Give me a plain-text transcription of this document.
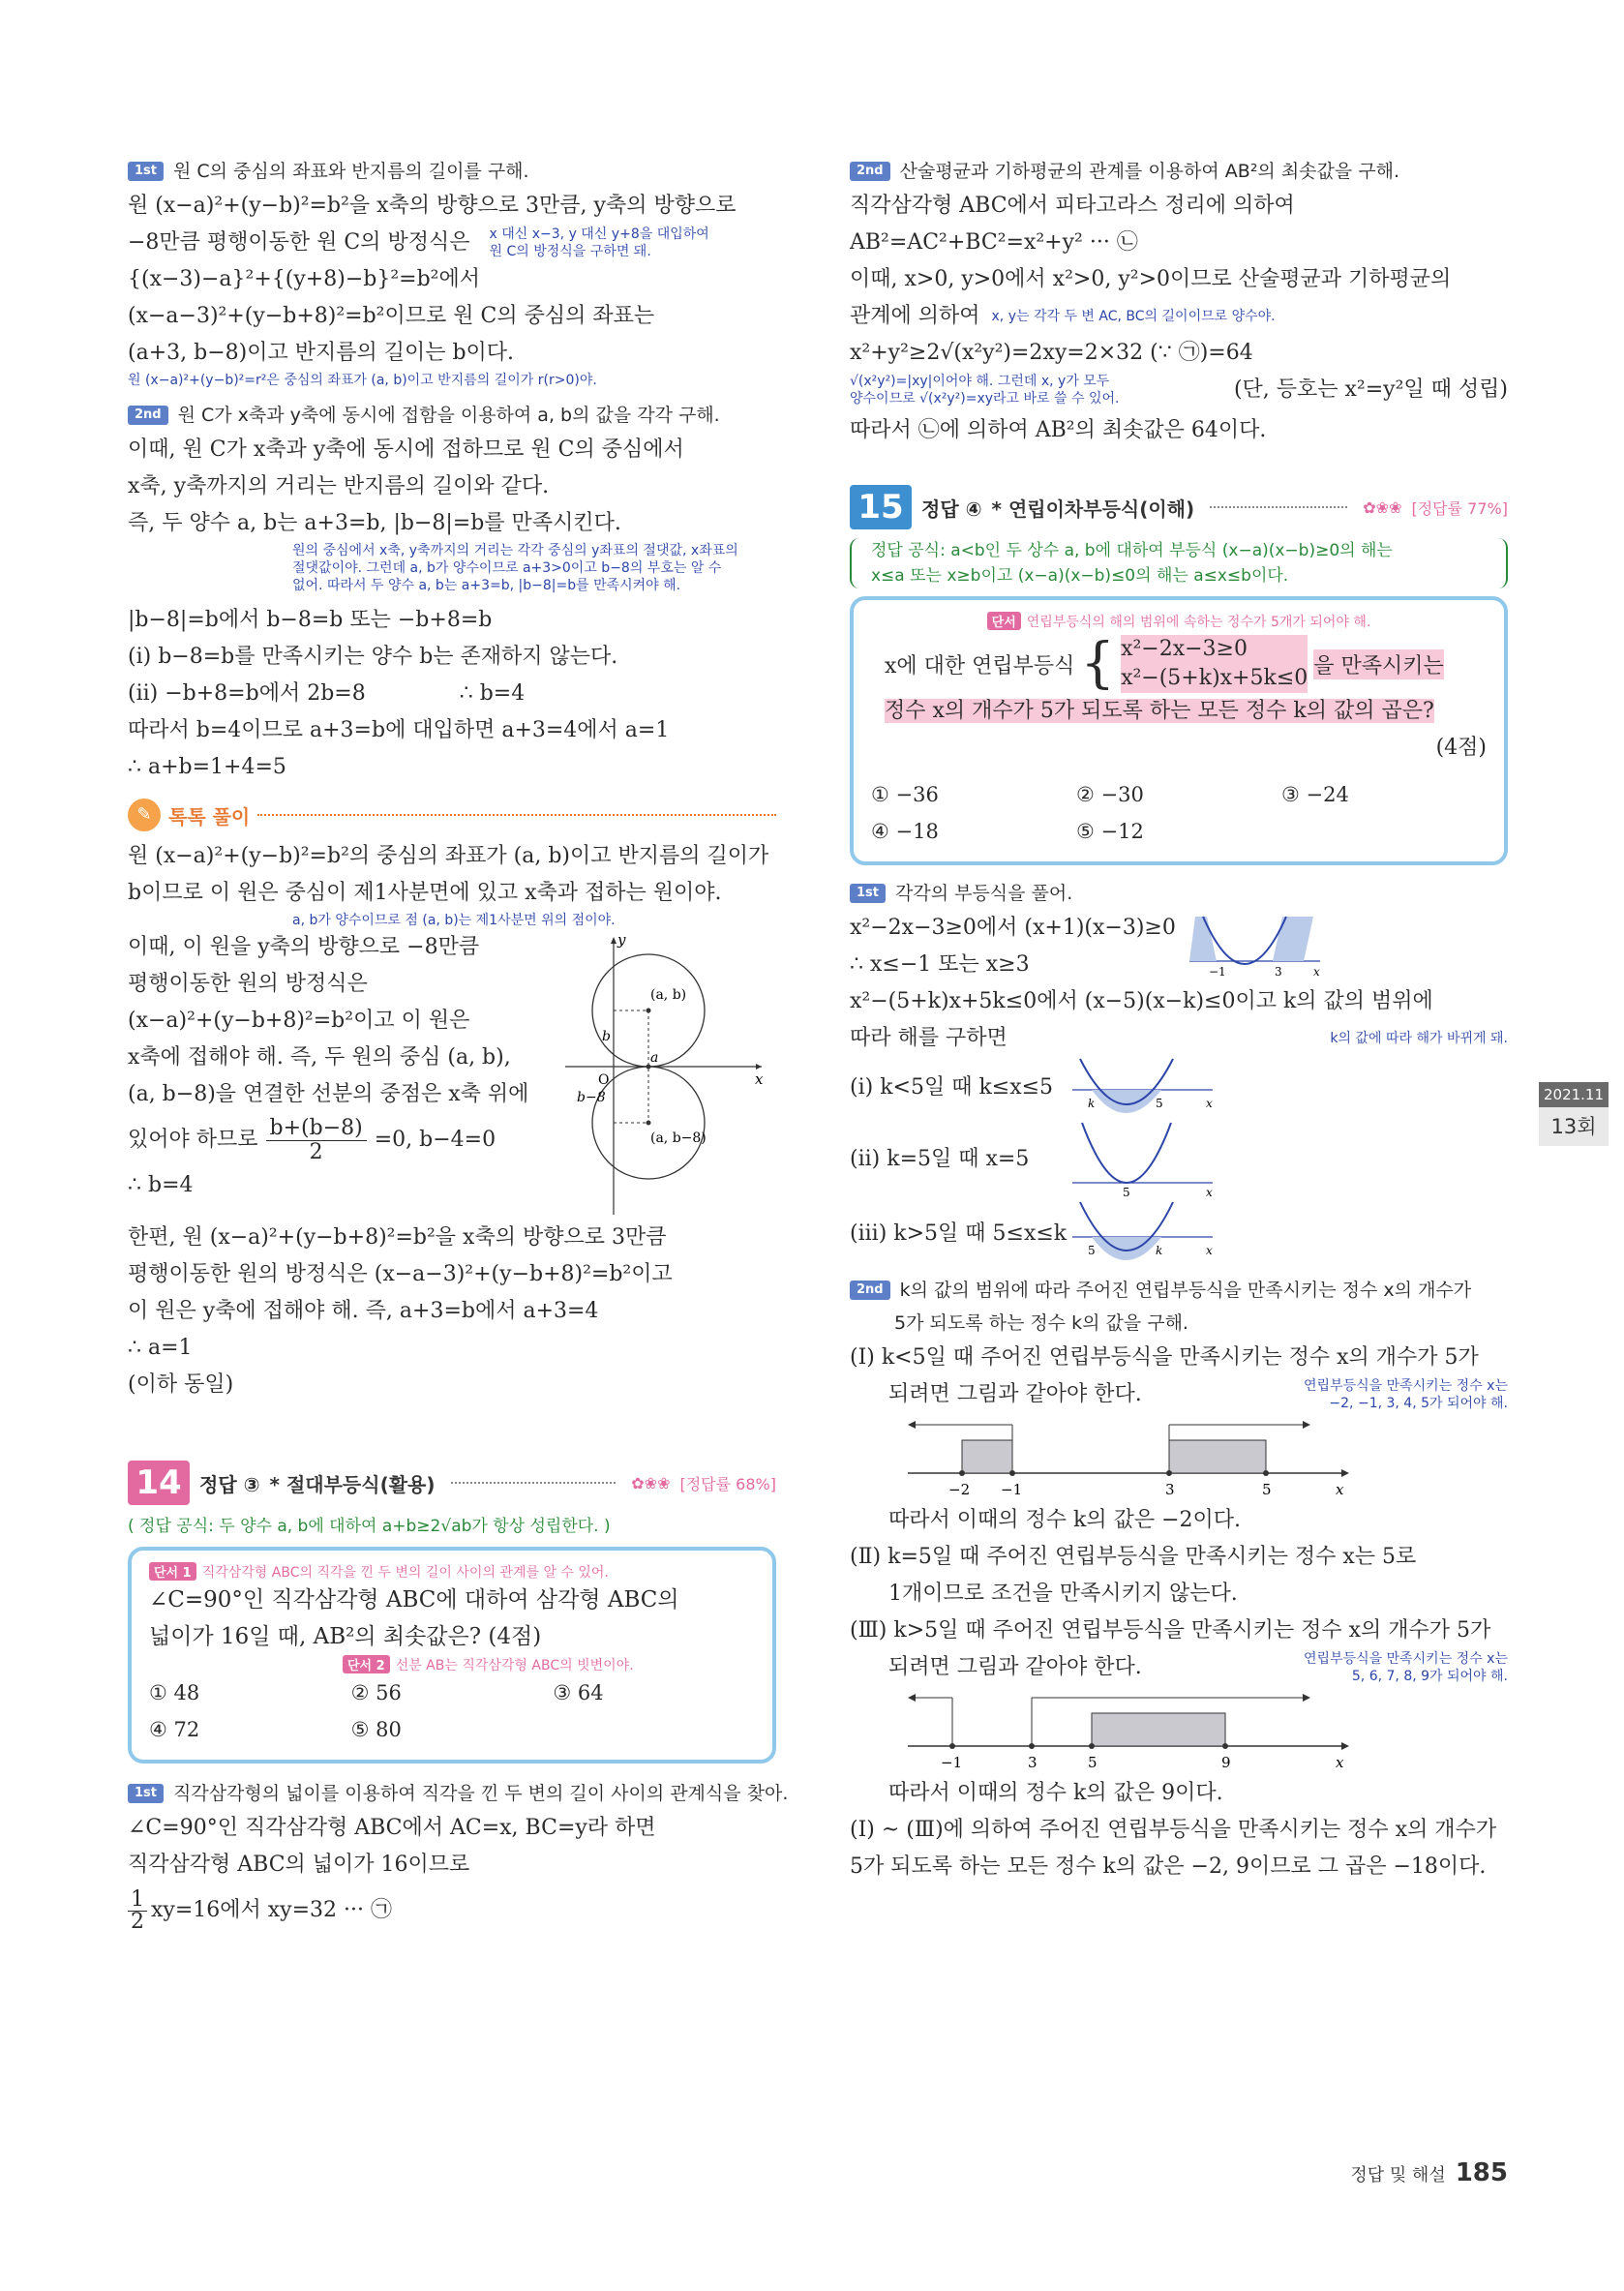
1st 원 C의 중심의 좌표와 반지름의 길이를 구해.
원 (x−a)²+(y−b)²=b²을 x축의 방향으로 3만큼, y축의 방향으로
−8만큼 평행이동한 원 C의 방정식은 x 대신 x−3, y 대신 y+8을 대입하여
원 C의 방정식을 구하면 돼.
{(x−3)−a}²+{(y+8)−b}²=b²에서
(x−a−3)²+(y−b+8)²=b²이므로 원 C의 중심의 좌표는
(a+3, b−8)이고 반지름의 길이는 b이다.
원 (x−a)²+(y−b)²=r²은 중심의 좌표가 (a, b)이고 반지름의 길이가 r(r>0)야.
2nd 원 C가 x축과 y축에 동시에 접함을 이용하여 a, b의 값을 각각 구해.
이때, 원 C가 x축과 y축에 동시에 접하므로 원 C의 중심에서
x축, y축까지의 거리는 반지름의 길이와 같다.
즉, 두 양수 a, b는 a+3=b, |b−8|=b를 만족시킨다.
원의 중심에서 x축, y축까지의 거리는 각각 중심의 y좌표의 절댓값, x좌표의
절댓값이야. 그런데 a, b가 양수이므로 a+3>0이고 b−8의 부호는 알 수
없어. 따라서 두 양수 a, b는 a+3=b, |b−8|=b를 만족시켜야 해.
|b−8|=b에서 b−8=b 또는 −b+8=b
(i) b−8=b를 만족시키는 양수 b는 존재하지 않는다.
(ii) −b+8=b에서 2b=8	∴ b=4
따라서 b=4이므로 a+3=b에 대입하면 a+3=4에서 a=1
∴ a+b=1+4=5
✎ 톡톡 풀이
원 (x−a)²+(y−b)²=b²의 중심의 좌표가 (a, b)이고 반지름의 길이가
b이므로 이 원은 중심이 제1사분면에 있고 x축과 접하는 원이야.
a, b가 양수이므로 점 (a, b)는 제1사분면 위의 점이야.
이때, 이 원을 y축의 방향으로 −8만큼
평행이동한 원의 방정식은
(x−a)²+(y−b+8)²=b²이고 이 원은
x축에 접해야 해. 즉, 두 원의 중심 (a, b),
(a, b−8)을 연결한 선분의 중점은 x축 위에
있어야 하므로 $\frac{b+(b-8)}{2} =0$, b−4=0
∴ b=4
y
x
O
(a, b)
(a, b−8)
b
b−8
a
한편, 원 (x−a)²+(y−b+8)²=b²을 x축의 방향으로 3만큼
평행이동한 원의 방정식은 (x−a−3)²+(y−b+8)²=b²이고
이 원은 y축에 접해야 해. 즉, a+3=b에서 a+3=4
∴ a=1
(이하 동일)
14 정답 ③ * 절대부등식(활용)	✿❀❀ [정답률 68%]
( 정답 공식: 두 양수 a, b에 대하여 a+b≥2√ab가 항상 성립한다. )
단서 1 직각삼각형 ABC의 직각을 낀 두 변의 길이 사이의 관계를 알 수 있어.
∠C=90°인 직각삼각형 ABC에 대하여 삼각형 ABC의
넓이가 16일 때, AB²의 최솟값은? (4점)
단서 2 선분 AB는 직각삼각형 ABC의 빗변이야.
① 48	② 56	③ 64
④ 72	⑤ 80
1st 직각삼각형의 넓이를 이용하여 직각을 낀 두 변의 길이 사이의 관계식을 찾아.
∠C=90°인 직각삼각형 ABC에서 AC=x, BC=y라 하면
직각삼각형 ABC의 넓이가 16이므로
$\frac{1}{2} xy=16$에서 xy=32 ··· ㉠
2nd 산술평균과 기하평균의 관계를 이용하여 AB²의 최솟값을 구해.
직각삼각형 ABC에서 피타고라스 정리에 의하여
AB²=AC²+BC²=x²+y² ··· ㉡
이때, x>0, y>0에서 x²>0, y²>0이므로 산술평균과 기하평균의
관계에 의하여 x, y는 각각 두 변 AC, BC의 길이이므로 양수야.
x²+y²≥2√(x²y²)=2xy=2×32 (∵ ㉠)=64
√(x²y²)=|xy|이어야 해. 그런데 x, y가 모두
양수이므로 √(x²y²)=xy라고 바로 쓸 수 있어.	(단, 등호는 x²=y²일 때 성립)
따라서 ㉡에 의하여 AB²의 최솟값은 64이다.
15 정답 ④ * 연립이차부등식(이해)	✿❀❀ [정답률 77%]
정답 공식: a<b인 두 상수 a, b에 대하여 부등식 (x−a)(x−b)≥0의 해는
x≤a 또는 x≥b이고 (x−a)(x−b)≤0의 해는 a≤x≤b이다.
단서 연립부등식의 해의 범위에 속하는 정수가 5개가 되어야 해.
x에 대한 연립부등식 { x²−2x−3≥0
x²−(5+k)x+5k≤0 을 만족시키는
정수 x의 개수가 5가 되도록 하는 모든 정수 k의 값의 곱은?
(4점)
① −36	② −30	③ −24
④ −18	⑤ −12
1st 각각의 부등식을 풀어.
x²−2x−3≥0에서 (x+1)(x−3)≥0
∴ x≤−1 또는 x≥3	−1	3	x
x²−(5+k)x+5k≤0에서 (x−5)(x−k)≤0이고 k의 값의 범위에
따라 해를 구하면	k의 값에 따라 해가 바뀌게 돼.
(i) k<5일 때 k≤x≤5
k	5	x
(ii) k=5일 때 x=5
5	x
(iii) k>5일 때 5≤x≤k
5	k	x
2nd k의 값의 범위에 따라 주어진 연립부등식을 만족시키는 정수 x의 개수가
5가 되도록 하는 정수 k의 값을 구해.
(Ⅰ) k<5일 때 주어진 연립부등식을 만족시키는 정수 x의 개수가 5가
되려면 그림과 같아야 한다.	연립부등식을 만족시키는 정수 x는
−2, −1, 3, 4, 5가 되어야 해.
−2 −1	3	5	x
따라서 이때의 정수 k의 값은 −2이다.
(Ⅱ) k=5일 때 주어진 연립부등식을 만족시키는 정수 x는 5로
1개이므로 조건을 만족시키지 않는다.
(Ⅲ) k>5일 때 주어진 연립부등식을 만족시키는 정수 x의 개수가 5가
되려면 그림과 같아야 한다.	연립부등식을 만족시키는 정수 x는
5, 6, 7, 8, 9가 되어야 해.
−1	3	5	9	x
따라서 이때의 정수 k의 값은 9이다.
(Ⅰ) ~ (Ⅲ)에 의하여 주어진 연립부등식을 만족시키는 정수 x의 개수가
5가 되도록 하는 모든 정수 k의 값은 −2, 9이므로 그 곱은 −18이다.
2021.11
13회
정답 및 해설 185
